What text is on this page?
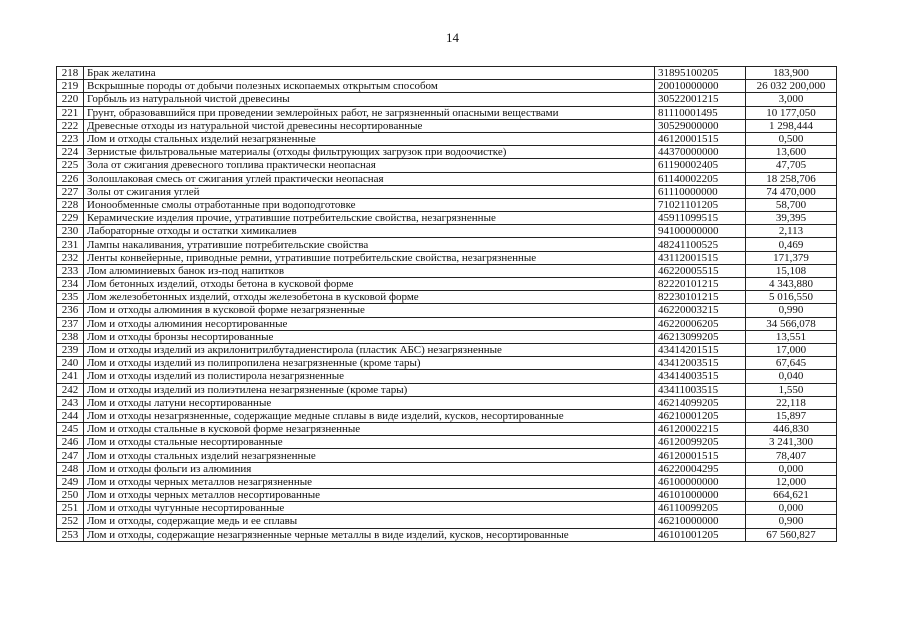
14
218	Брак желатина	31895100205	183,900
219	Вскрышные породы от добычи полезных ископаемых открытым способом	20010000000	26 032 200,000
220	Горбыль из натуральной чистой древесины	30522001215	3,000
221	Грунт, образовавшийся при проведении землеройных работ, не загрязненный опасными веществами	81110001495	10 177,050
222	Древесные отходы из натуральной чистой древесины несортированные	30529000000	1 298,444
223	Лом и отходы стальных изделий незагрязненные	46120001515	0,500
224	Зернистые фильтровальные материалы (отходы фильтрующих загрузок при водоочистке)	44370000000	13,600
225	Зола от сжигания древесного топлива практически неопасная	61190002405	47,705
226	Золошлаковая смесь от сжигания углей практически неопасная	61140002205	18 258,706
227	Золы от сжигания углей	61110000000	74 470,000
228	Ионообменные смолы отработанные при водоподготовке	71021101205	58,700
229	Керамические изделия прочие, утратившие потребительские свойства, незагрязненные	45911099515	39,395
230	Лабораторные отходы и остатки химикалиев	94100000000	2,113
231	Лампы накаливания, утратившие потребительские свойства	48241100525	0,469
232	Ленты конвейерные, приводные ремни, утратившие потребительские свойства, незагрязненные	43112001515	171,379
233	Лом алюминиевых банок из-под напитков	46220005515	15,108
234	Лом бетонных изделий, отходы бетона в кусковой форме	82220101215	4 343,880
235	Лом железобетонных изделий, отходы железобетона в кусковой форме	82230101215	5 016,550
236	Лом и отходы алюминия в кусковой форме незагрязненные	46220003215	0,990
237	Лом и отходы алюминия несортированные	46220006205	34 566,078
238	Лом и отходы бронзы несортированные	46213099205	13,551
239	Лом и отходы изделий из акрилонитрилбутадиенстирола (пластик АБС) незагрязненные	43414201515	17,000
240	Лом и отходы изделий из полипропилена незагрязненные (кроме тары)	43412003515	67,645
241	Лом и отходы изделий из полистирола незагрязненные	43414003515	0,040
242	Лом и отходы изделий из полиэтилена незагрязненные (кроме тары)	43411003515	1,550
243	Лом и отходы латуни несортированные	46214099205	22,118
244	Лом и отходы незагрязненные, содержащие медные сплавы в виде изделий, кусков, несортированные	46210001205	15,897
245	Лом и отходы стальные в кусковой форме незагрязненные	46120002215	446,830
246	Лом и отходы стальные несортированные	46120099205	3 241,300
247	Лом и отходы стальных изделий незагрязненные	46120001515	78,407
248	Лом и отходы фольги из алюминия	46220004295	0,000
249	Лом и отходы черных металлов незагрязненные	46100000000	12,000
250	Лом и отходы черных металлов несортированные	46101000000	664,621
251	Лом и отходы чугунные несортированные	46110099205	0,000
252	Лом и отходы, содержащие медь и ее сплавы	46210000000	0,900
253	Лом и отходы, содержащие незагрязненные черные металлы в виде изделий, кусков, несортированные	46101001205	67 560,827
